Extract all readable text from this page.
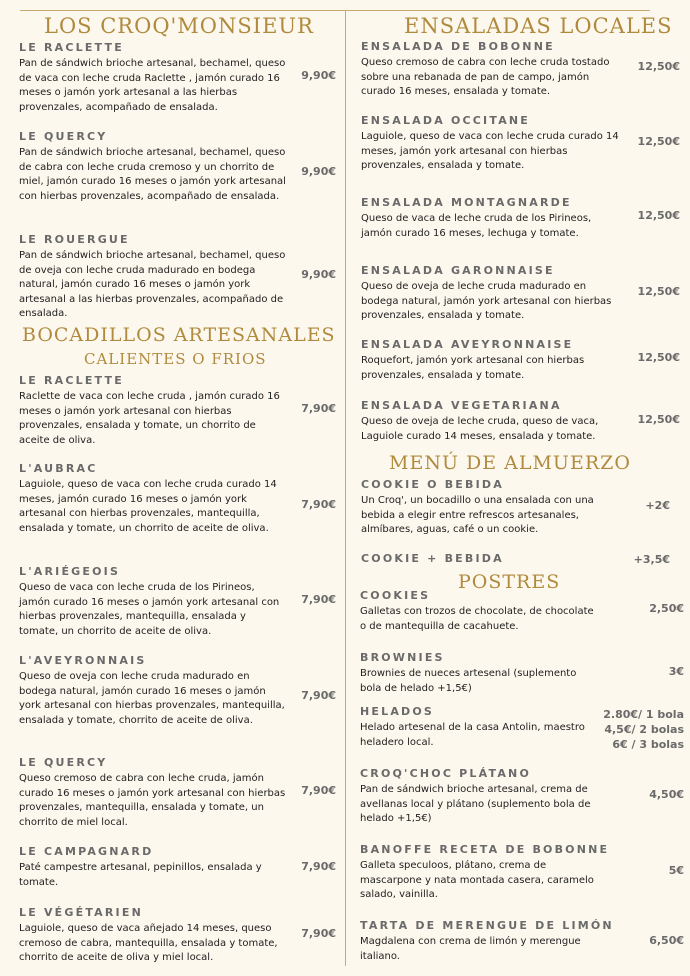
LOS CROQ'MONSIEUR
LE RACLETTE
Pan de sándwich brioche artesanal, bechamel, queso de vaca con leche cruda Raclette , jamón curado 16 meses o jamón york artesanal a las hierbas provenzales, acompañado de ensalada.
9,90€
LE QUERCY
Pan de sándwich brioche artesanal, bechamel, queso de cabra con leche cruda cremoso y un chorrito de miel, jamón curado 16 meses o jamón york artesanal con hierbas provenzales, acompañado de ensalada.
9,90€
LE ROUERGUE
Pan de sándwich brioche artesanal, bechamel, queso de oveja con leche cruda madurado en bodega natural, jamón curado 16 meses o jamón york artesanal a las hierbas provenzales, acompañado de ensalada.
9,90€
BOCADILLOS ARTESANALES
CALIENTES O FRIOS
LE RACLETTE
Raclette de vaca con leche cruda , jamón curado 16 meses o jamón york artesanal con hierbas provenzales, ensalada y tomate, un chorrito de aceite de oliva.
7,90€
L'AUBRAC
Laguiole, queso de vaca con leche cruda curado 14 meses, jamón curado 16 meses o jamón york artesanal con hierbas provenzales, mantequilla, ensalada y tomate, un chorrito de aceite de oliva.
7,90€
L'ARIÉGEOIS
Queso de vaca con leche cruda de los Pirineos, jamón curado 16 meses o jamón york artesanal con hierbas provenzales, mantequilla, ensalada y tomate, un chorrito de aceite de oliva.
7,90€
L'AVEYRONNAIS
Queso de oveja con leche cruda madurado en bodega natural, jamón curado 16 meses o jamón york artesanal con hierbas provenzales, mantequilla, ensalada y tomate, chorrito de aceite de oliva.
7,90€
LE QUERCY
Queso cremoso de cabra con leche cruda, jamón curado 16 meses o jamón york artesanal con hierbas provenzales, mantequilla, ensalada y tomate, un chorrito de miel local.
7,90€
LE CAMPAGNARD
Paté campestre artesanal, pepinillos, ensalada y tomate.
7,90€
LE VÉGÉTARIEN
Laguiole, queso de vaca añejado 14 meses, queso cremoso de cabra, mantequilla, ensalada y tomate, chorrito de aceite de oliva y miel local.
7,90€
ENSALADAS LOCALES
ENSALADA DE BOBONNE
Queso cremoso de cabra con leche cruda tostado sobre una rebanada de pan de campo, jamón curado 16 meses, ensalada y tomate.
12,50€
ENSALADA OCCITANE
Laguiole, queso de vaca con leche cruda curado 14 meses, jamón york artesanal con hierbas provenzales, ensalada y tomate.
12,50€
ENSALADA MONTAGNARDE
Queso de vaca de leche cruda de los Pirineos, jamón curado 16 meses, lechuga y tomate.
12,50€
ENSALADA GARONNAISE
Queso de oveja de leche cruda madurado en bodega natural, jamón york artesanal con hierbas provenzales, ensalada y tomate.
12,50€
ENSALADA AVEYRONNAISE
Roquefort, jamón york artesanal con hierbas provenzales, ensalada y tomate.
12,50€
ENSALADA VEGETARIANA
Queso de oveja de leche cruda, queso de vaca, Laguiole curado 14 meses, ensalada y tomate.
12,50€
MENÚ DE ALMUERZO
COOKIE O BEBIDA
Un Croq', un bocadillo o una ensalada con una bebida a elegir entre refrescos artesanales, almíbares, aguas, café o un cookie.
+2€
COOKIE + BEBIDA	+3,5€
POSTRES
COOKIES
Galletas con trozos de chocolate, de chocolate o de mantequilla de cacahuete.
2,50€
BROWNIES
Brownies de nueces artesenal (suplemento bola de helado +1,5€)
3€
HELADOS
Helado artesenal de la casa Antolin, maestro heladero local.
2.80€/ 1 bola
4,5€/ 2 bolas
6€ / 3 bolas
CROQ'CHOC PLÁTANO
Pan de sándwich brioche artesanal, crema de avellanas local y plátano (suplemento bola de helado +1,5€)
4,50€
BANOFFE RECETA DE BOBONNE
Galleta speculoos, plátano, crema de mascarpone y nata montada casera, caramelo salado, vainilla.
5€
TARTA DE MERENGUE DE LIMÓN
Magdalena con crema de limón y merengue italiano.
6,50€
